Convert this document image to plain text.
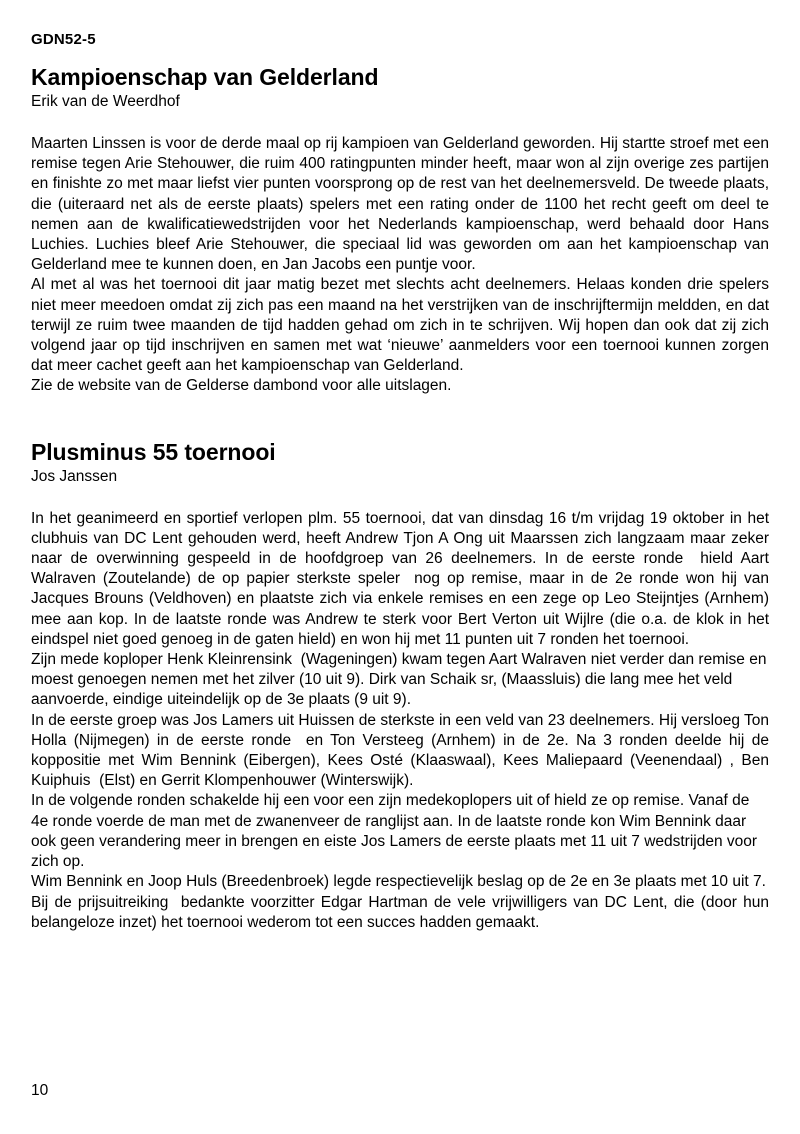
GDN52-5
Kampioenschap van Gelderland
Erik van de Weerdhof

Maarten Linssen is voor de derde maal op rij kampioen van Gelderland geworden. Hij startte stroef met een remise tegen Arie Stehouwer, die ruim 400 ratingpunten minder heeft, maar won al zijn overige zes partijen en finishte zo met maar liefst vier punten voorsprong op de rest van het deelnemersveld. De tweede plaats, die (uiteraard net als de eerste plaats) spelers met een rating onder de 1100 het recht geeft om deel te nemen aan de kwalificatiewedstrijden voor het Nederlands kampioenschap, werd behaald door Hans Luchies. Luchies bleef Arie Stehouwer, die speciaal lid was geworden om aan het kampioenschap van Gelderland mee te kunnen doen, en Jan Jacobs een puntje voor.

Al met al was het toernooi dit jaar matig bezet met slechts acht deelnemers. Helaas konden drie spelers niet meer meedoen omdat zij zich pas een maand na het verstrijken van de inschrijftermijn meldden, en dat terwijl ze ruim twee maanden de tijd hadden gehad om zich in te schrijven. Wij hopen dan ook dat zij zich volgend jaar op tijd inschrijven en samen met wat ‘nieuwe’ aanmelders voor een toernooi kunnen zorgen dat meer cachet geeft aan het kampioenschap van Gelderland.

Zie de website van de Gelderse dambond voor alle uitslagen.

Plusminus 55 toernooi
Jos Janssen

In het geanimeerd en sportief verlopen plm. 55 toernooi, dat van dinsdag 16 t/m vrijdag 19 oktober in het clubhuis van DC Lent gehouden werd, heeft Andrew Tjon A Ong uit Maarssen zich langzaam maar zeker naar de overwinning gespeeld in de hoofdgroep van 26 deelnemers. In de eerste ronde  hield Aart Walraven (Zoutelande) de op papier sterkste speler  nog op remise, maar in de 2e ronde won hij van Jacques Brouns (Veldhoven) en plaatste zich via enkele remises en een zege op Leo Steijntjes (Arnhem) mee aan kop. In de laatste ronde was Andrew te sterk voor Bert Verton uit Wijlre (die o.a. de klok in het eindspel niet goed genoeg in de gaten hield) en won hij met 11 punten uit 7 ronden het toernooi.

Zijn mede koploper Henk Kleinrensink  (Wageningen) kwam tegen Aart Walraven niet verder dan remise en moest genoegen nemen met het zilver (10 uit 9). Dirk van Schaik sr, (Maassluis) die lang mee het veld aanvoerde, eindige uiteindelijk op de 3e plaats (9 uit 9).

In de eerste groep was Jos Lamers uit Huissen de sterkste in een veld van 23 deelnemers. Hij versloeg Ton Holla (Nijmegen) in de eerste ronde  en Ton Versteeg (Arnhem) in de 2e. Na 3 ronden deelde hij de koppositie met Wim Bennink (Eibergen), Kees Osté (Klaaswaal), Kees Maliepaard (Veenendaal) , Ben Kuiphuis  (Elst) en Gerrit Klompenhouwer (Winterswijk).

In de volgende ronden schakelde hij een voor een zijn medekoplopers uit of hield ze op remise. Vanaf de 4e ronde voerde de man met de zwanenveer de ranglijst aan. In de laatste ronde kon Wim Bennink daar ook geen verandering meer in brengen en eiste Jos Lamers de eerste plaats met 11 uit 7 wedstrijden voor zich op.

Wim Bennink en Joop Huls (Breedenbroek) legde respectievelijk beslag op de 2e en 3e plaats met 10 uit 7.

Bij de prijsuitreiking  bedankte voorzitter Edgar Hartman de vele vrijwilligers van DC Lent, die (door hun belangeloze inzet) het toernooi wederom tot een succes hadden gemaakt.

10
